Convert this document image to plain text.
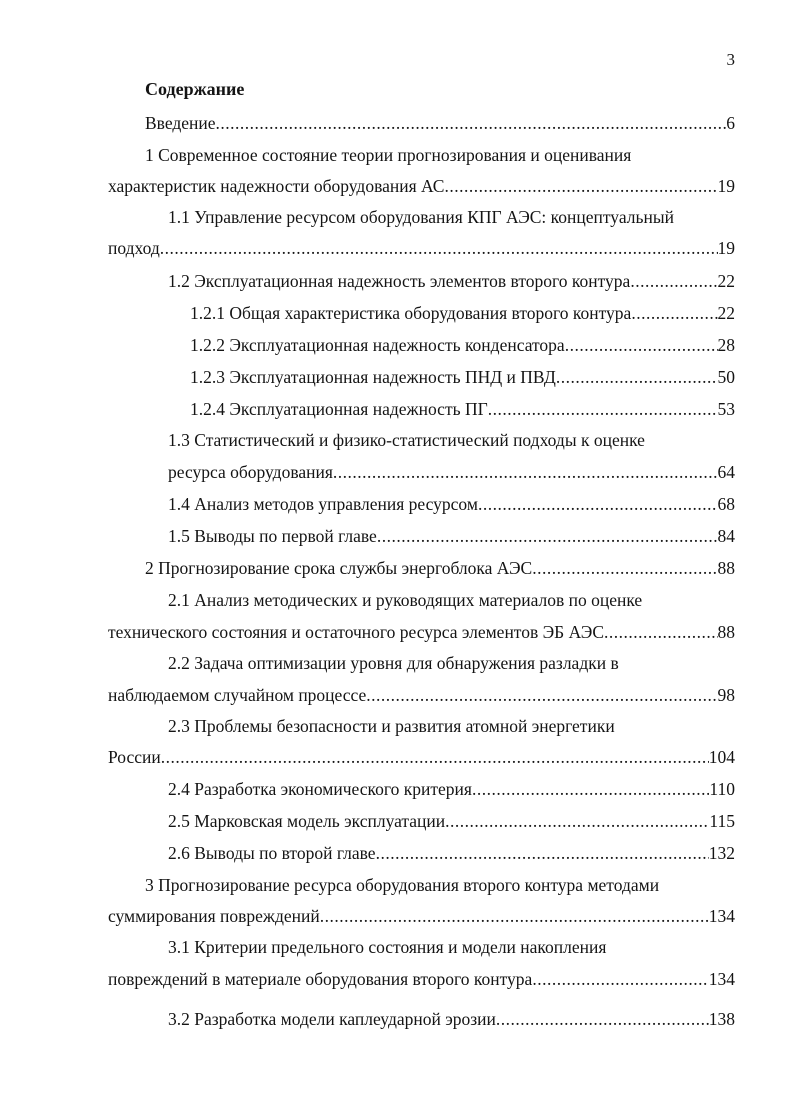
3
Содержание
Введение .....	6
1 Современное состояние теории прогнозирования и оценивания
характеристик надежности оборудования АС .....	19
1.1 Управление ресурсом оборудования КПГ АЭС: концептуальный
подход .....	19
1.2 Эксплуатационная надежность элементов второго контура .....	22
1.2.1 Общая характеристика оборудования второго контура .....	22
1.2.2 Эксплуатационная надежность конденсатора .....	28
1.2.3 Эксплуатационная надежность ПНД и ПВД .....	50
1.2.4 Эксплуатационная надежность ПГ .....	53
1.3 Статистический и физико-статистический подходы к оценке
ресурса оборудования .....	64
1.4 Анализ методов управления ресурсом .....	68
1.5 Выводы по первой главе .....	84
2 Прогнозирование срока службы энергоблока АЭС .....	88
2.1 Анализ методических и руководящих материалов по оценке
технического состояния и остаточного ресурса элементов ЭБ АЭС .....	88
2.2 Задача оптимизации уровня для обнаружения разладки в
наблюдаемом случайном процессе .....	98
2.3 Проблемы безопасности и развития атомной энергетики
России .....	104
2.4 Разработка экономического критерия .....	110
2.5 Марковская модель эксплуатации .....	115
2.6 Выводы по второй главе .....	132
3 Прогнозирование ресурса оборудования второго контура методами
суммирования повреждений .....	134
3.1 Критерии предельного состояния и модели накопления
повреждений в материале оборудования второго контура .....	134
3.2 Разработка модели каплеударной эрозии .....	138
